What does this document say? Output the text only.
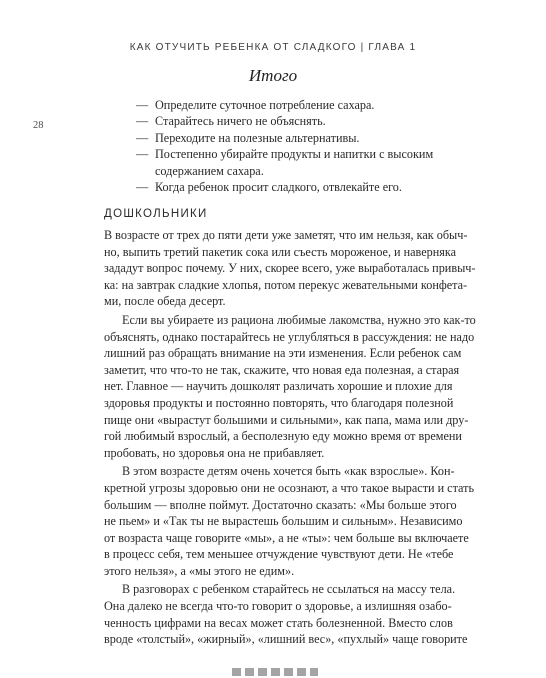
КАК ОТУЧИТЬ РЕБЕНКА ОТ СЛАДКОГО | ГЛАВА 1
Итого
28
— Определите суточное потребление сахара.
— Старайтесь ничего не объяснять.
— Переходите на полезные альтернативы.
— Постепенно убирайте продукты и напитки с высоким
содержанием сахара.
— Когда ребенок просит сладкого, отвлекайте его.
ДОШКОЛЬНИКИ
В возрасте от трех до пяти дети уже заметят, что им нельзя, как обыч-
но, выпить третий пакетик сока или съесть мороженое, и наверняка
зададут вопрос почему. У них, скорее всего, уже выработалась привыч-
ка: на завтрак сладкие хлопья, потом перекус жевательными конфета-
ми, после обеда десерт.
Если вы убираете из рациона любимые лакомства, нужно это как-то
объяснять, однако постарайтесь не углубляться в рассуждения: не надо
лишний раз обращать внимание на эти изменения. Если ребенок сам
заметит, что что-то не так, скажите, что новая еда полезная, а старая
нет. Главное — научить дошколят различать хорошие и плохие для
здоровья продукты и постоянно повторять, что благодаря полезной
пище они «вырастут большими и сильными», как папа, мама или дру-
гой любимый взрослый, а бесполезную еду можно время от времени
пробовать, но здоровья она не прибавляет.
В этом возрасте детям очень хочется быть «как взрослые». Кон-
кретной угрозы здоровью они не осознают, а что такое вырасти и стать
большим — вполне поймут. Достаточно сказать: «Мы больше этого
не пьем» и «Так ты не вырастешь большим и сильным». Независимо
от возраста чаще говорите «мы», а не «ты»: чем больше вы включаете
в процесс себя, тем меньшее отчуждение чувствуют дети. Не «тебе
этого нельзя», а «мы этого не едим».
В разговорах с ребенком старайтесь не ссылаться на массу тела.
Она далеко не всегда что-то говорит о здоровье, а излишняя озабо-
ченность цифрами на весах может стать болезненной. Вместо слов
вроде «толстый», «жирный», «лишний вес», «пухлый» чаще говорите
